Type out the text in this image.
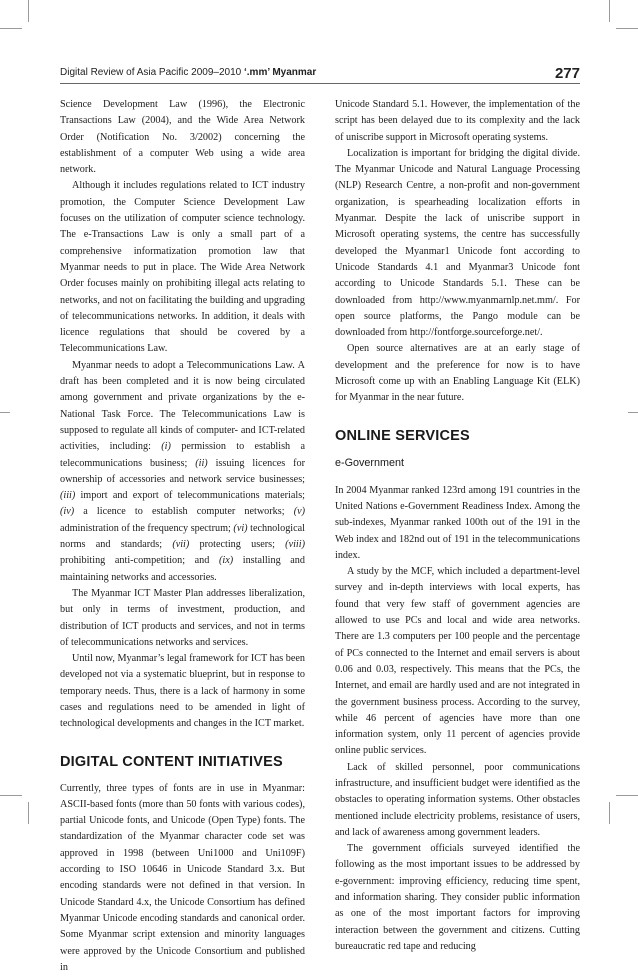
Digital Review of Asia Pacific 2009–2010 ‘.mm’ Myanmar	277

Science Development Law (1996), the Electronic Transactions Law (2004), and the Wide Area Network Order (Notification No. 3/2002) concerning the establishment of a computer Web using a wide area network.

Although it includes regulations related to ICT industry promotion, the Computer Science Development Law focuses on the utilization of computer science technology. The e-Transactions Law is only a small part of a comprehensive informatization promotion law that Myanmar needs to put in place. The Wide Area Network Order focuses mainly on prohibiting illegal acts relating to networks, and not on facilitating the building and upgrading of telecommunications networks. In addition, it deals with licence regulations that should be covered by a Telecommunications Law.

Myanmar needs to adopt a Telecommunications Law. A draft has been completed and it is now being circulated among government and private organizations by the e-National Task Force. The Telecommunications Law is supposed to regulate all kinds of computer- and ICT-related activities, including: (i) permission to establish a telecommunications business; (ii) issuing licences for ownership of accessories and network service businesses; (iii) import and export of telecommunications materials; (iv) a licence to establish computer networks; (v) administration of the frequency spectrum; (vi) technological norms and standards; (vii) protecting users; (viii) prohibiting anti-competition; and (ix) installing and maintaining networks and accessories.

The Myanmar ICT Master Plan addresses liberalization, but only in terms of investment, production, and distribution of ICT products and services, and not in terms of telecommunications networks and services.

Until now, Myanmar’s legal framework for ICT has been developed not via a systematic blueprint, but in response to temporary needs. Thus, there is a lack of harmony in some cases and regulations need to be amended in light of technological developments and changes in the ICT market.

DIGITAL CONTENT INITIATIVES

Currently, three types of fonts are in use in Myanmar: ASCII-based fonts (more than 50 fonts with various codes), partial Unicode fonts, and Unicode (Open Type) fonts. The standardization of the Myanmar character code set was approved in 1998 (between Uni1000 and Uni109F) according to ISO 10646 in Unicode Standard 3.x. But encoding standards were not defined in that version. In Unicode Standard 4.x, the Unicode Consortium has defined Myanmar Unicode encoding standards and canonical order. Some Myanmar script extension and minority languages were approved by the Unicode Consortium and published in

Unicode Standard 5.1. However, the implementation of the script has been delayed due to its complexity and the lack of uniscribe support in Microsoft operating systems.

Localization is important for bridging the digital divide. The Myanmar Unicode and Natural Language Processing (NLP) Research Centre, a non-profit and non-government organization, is spearheading localization efforts in Myanmar. Despite the lack of uniscribe support in Microsoft operating systems, the centre has successfully developed the Myanmar1 Unicode font according to Unicode Standards 4.1 and Myanmar3 Unicode font according to Unicode Standards 5.1. These can be downloaded from http://www.myanmarnlp.net.mm/. For open source platforms, the Pango module can be downloaded from http://fontforge.sourceforge.net/.

Open source alternatives are at an early stage of development and the preference for now is to have Microsoft come up with an Enabling Language Kit (ELK) for Myanmar in the near future.

ONLINE SERVICES
e-Government

In 2004 Myanmar ranked 123rd among 191 countries in the United Nations e-Government Readiness Index. Among the sub-indexes, Myanmar ranked 100th out of the 191 in the Web index and 182nd out of 191 in the telecommunications index.

A study by the MCF, which included a department-level survey and in-depth interviews with local experts, has found that very few staff of government agencies are allowed to use PCs and local and wide area networks. There are 1.3 computers per 100 people and the percentage of PCs connected to the Internet and email servers is about 0.06 and 0.03, respectively. This means that the PCs, the Internet, and email are hardly used and are not integrated in the government business process. According to the survey, while 46 percent of agencies have more than one information system, only 11 percent of agencies provide online public services.

Lack of skilled personnel, poor communications infrastructure, and insufficient budget were identified as the obstacles to operating information systems. Other obstacles mentioned include electricity problems, resistance of users, and lack of awareness among government leaders.

The government officials surveyed identified the following as the most important issues to be addressed by e-government: improving efficiency, reducing time spent, and information sharing. They consider public information as one of the most important factors for improving interaction between the government and citizens. Cutting bureaucratic red tape and reducing
